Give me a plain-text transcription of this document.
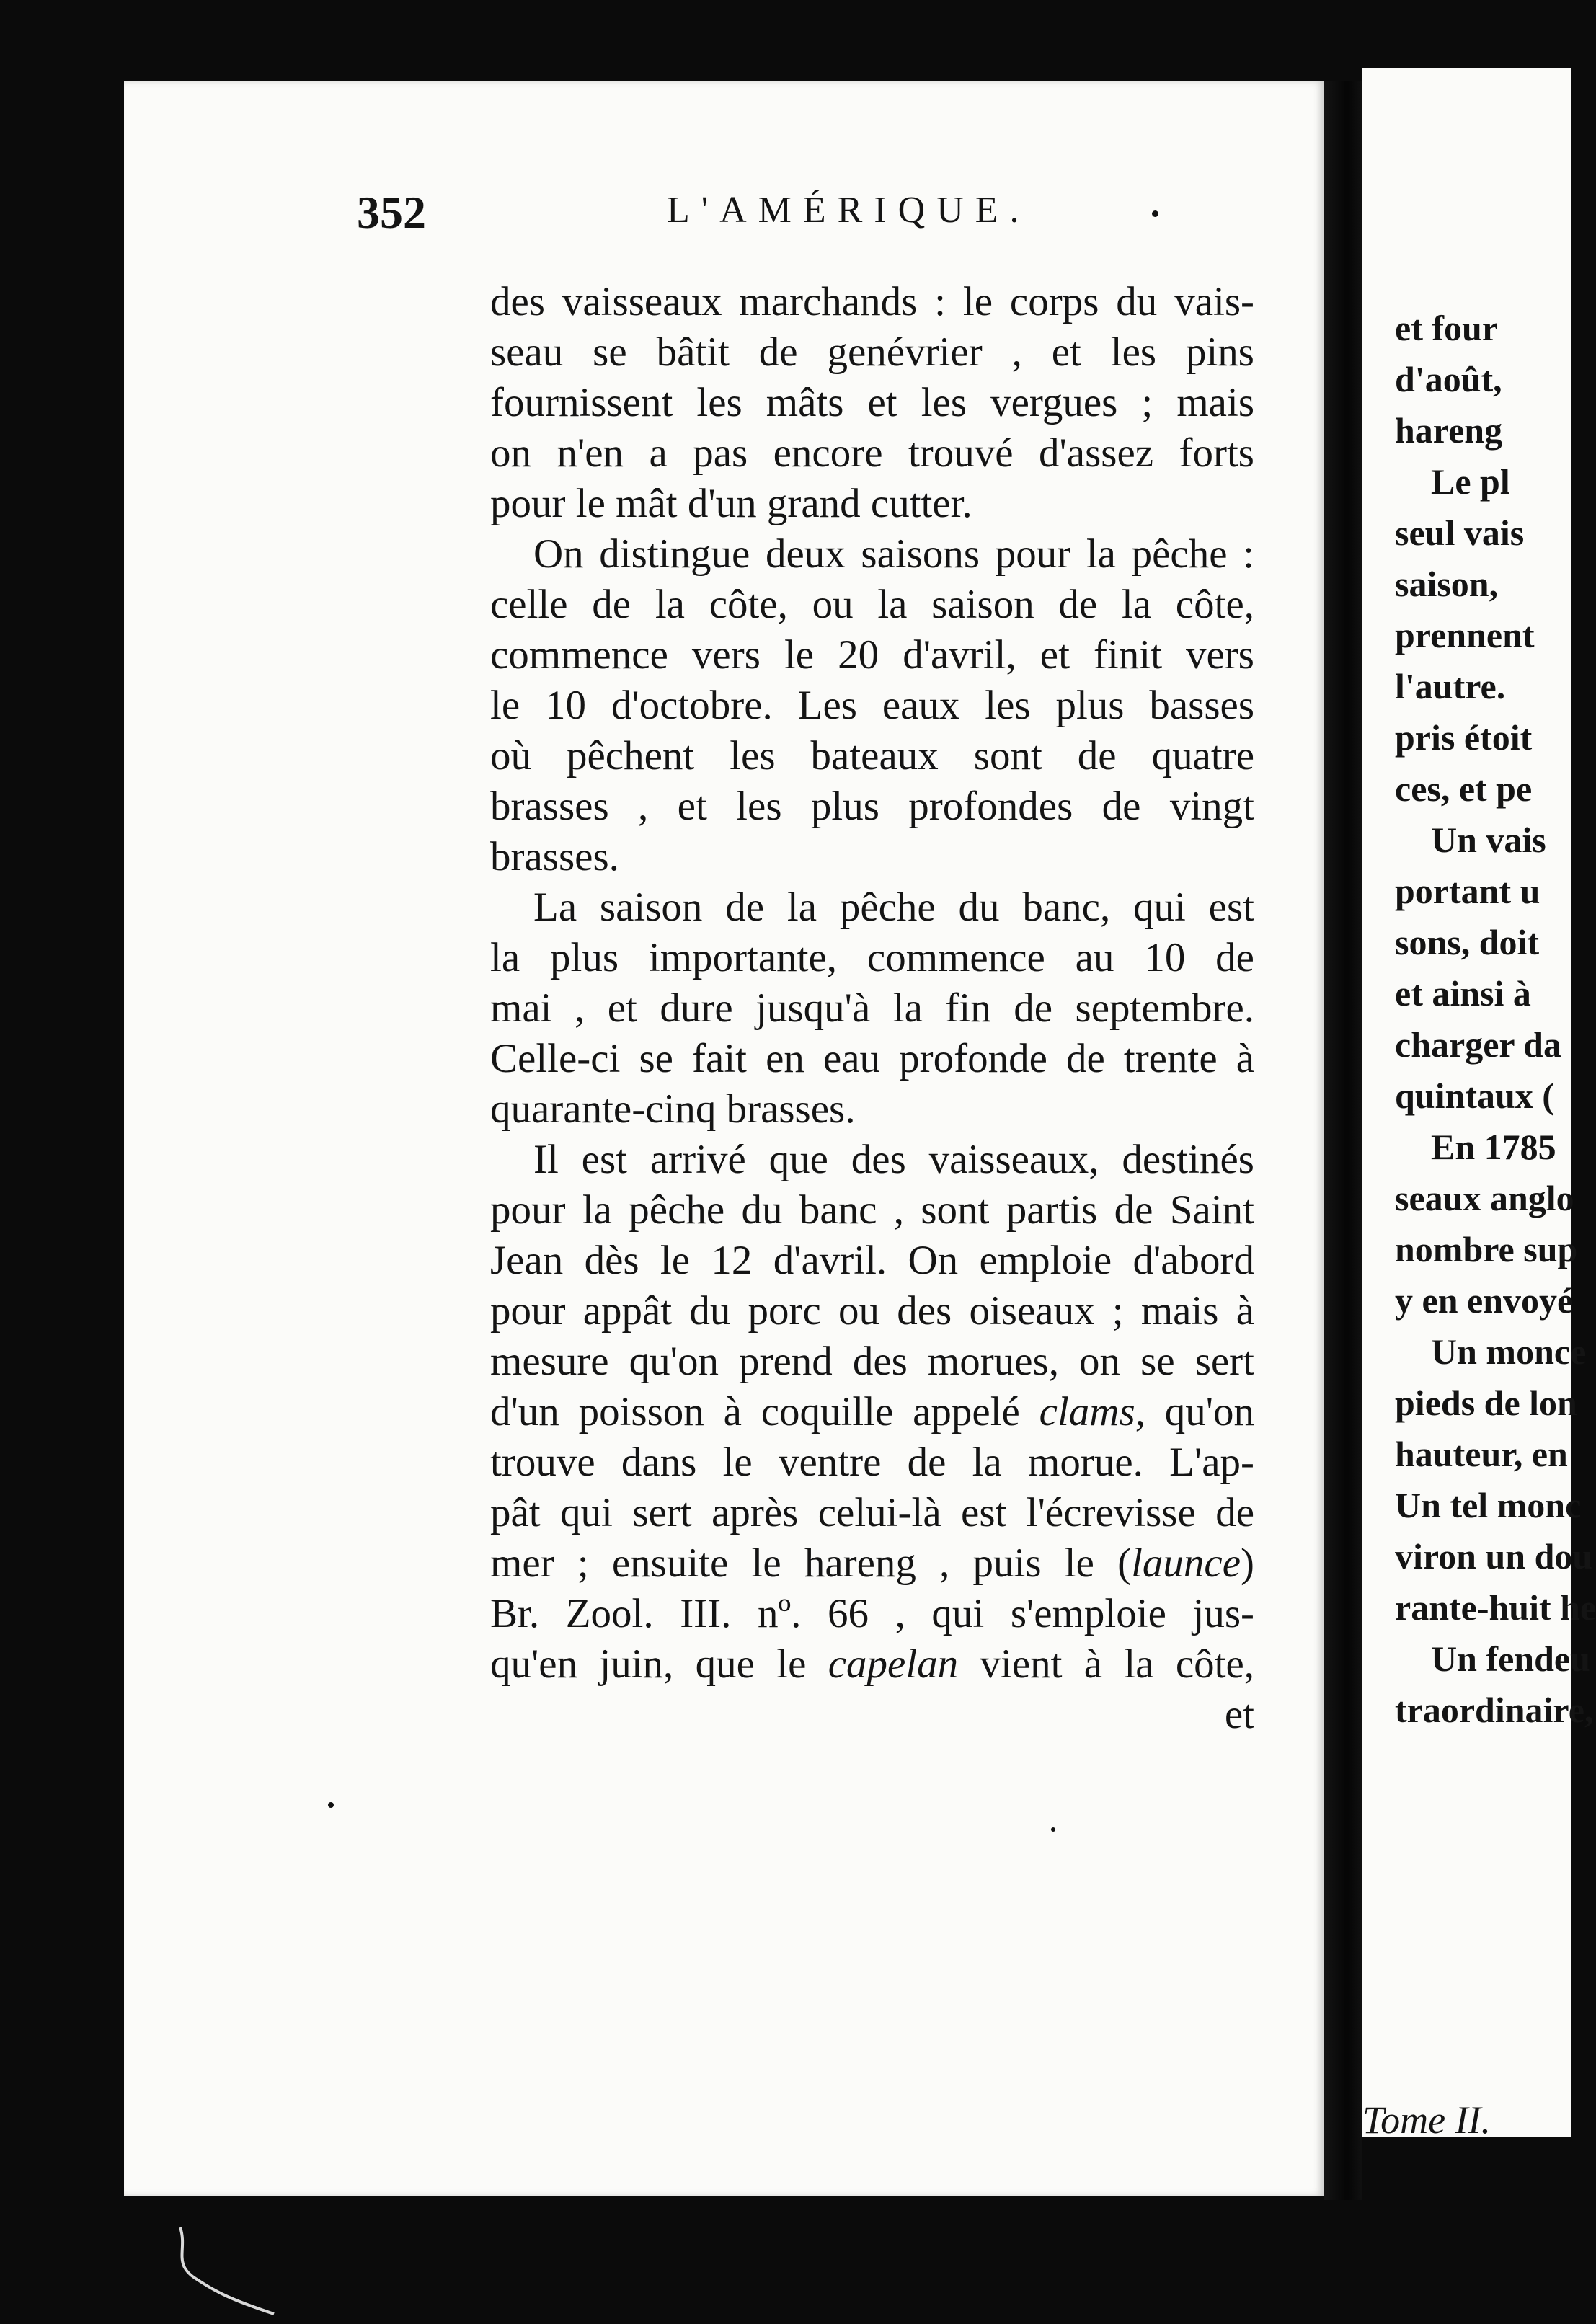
352	L'AMÉRIQUE.
des vaisseaux marchands : le corps du vais-
seau se bâtit de genévrier , et les pins
fournissent les mâts et les vergues ; mais
on n'en a pas encore trouvé d'assez forts
pour le mât d'un grand cutter.
On distingue deux saisons pour la pêche :
celle de la côte, ou la saison de la côte,
commence vers le 20 d'avril, et finit vers
le 10 d'octobre. Les eaux les plus basses
où pêchent les bateaux sont de quatre
brasses , et les plus profondes de vingt
brasses.
La saison de la pêche du banc, qui est
la plus importante, commence au 10 de
mai , et dure jusqu'à la fin de septembre.
Celle-ci se fait en eau profonde de trente à
quarante-cinq brasses.
Il est arrivé que des vaisseaux, destinés
pour la pêche du banc , sont partis de Saint
Jean dès le 12 d'avril. On emploie d'abord
pour appât du porc ou des oiseaux ; mais à
mesure qu'on prend des morues, on se sert
d'un poisson à coquille appelé clams, qu'on
trouve dans le ventre de la morue. L'ap-
pât qui sert après celui-là est l'écrevisse de
mer ; ensuite le hareng , puis le (launce)
Br. Zool. III. nº. 66 , qui s'emploie jus-
qu'en juin, que le capelan vient à la côte,
et
et four
d'août,
hareng
Le pl
seul vais
saison,
prennent
l'autre.
pris étoit
ces, et pe
Un vais
portant u
sons, doit
et ainsi à
charger da
quintaux (
En 1785
seaux anglo
nombre sup
y en envoyé
Un monce
pieds de lon
hauteur, en
Un tel monc
viron un dou
rante-huit he
Un fendeu
traordinaire,
Tome II.
